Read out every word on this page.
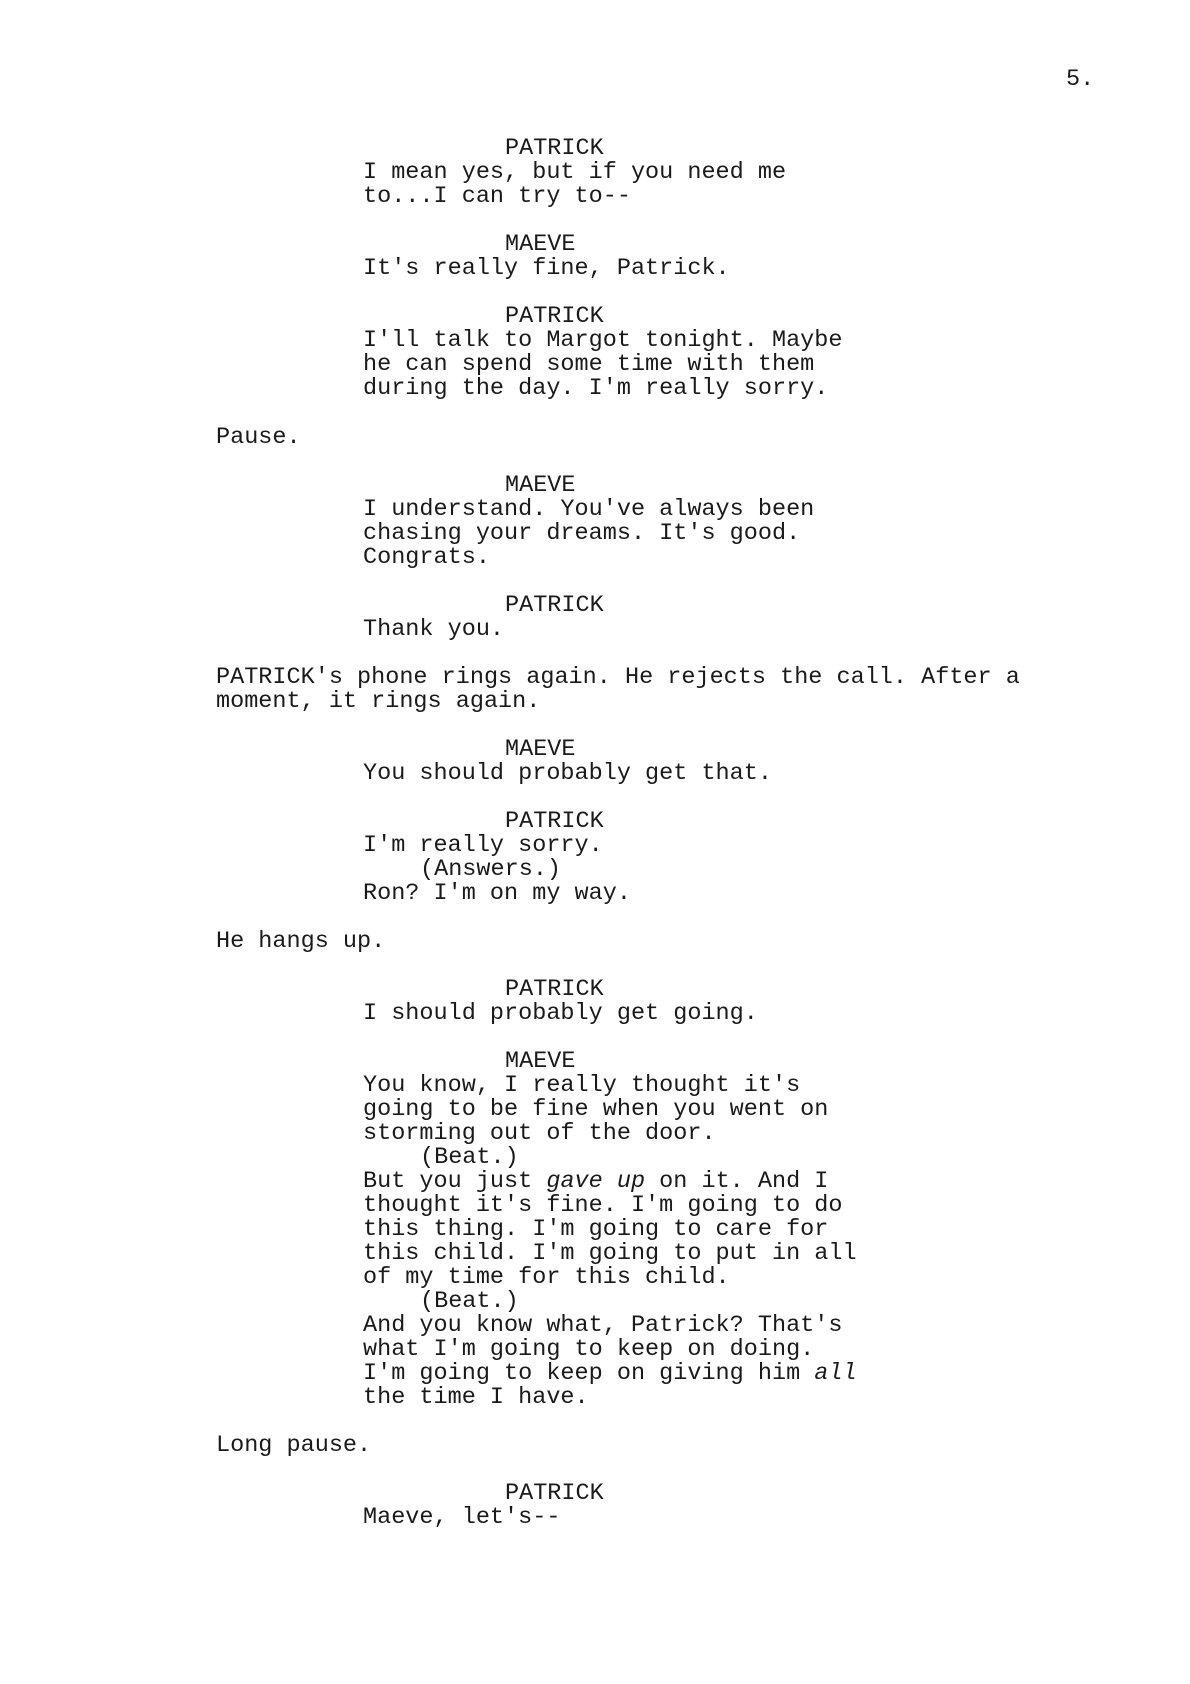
5.
PATRICK
I mean yes, but if you need me
to...I can try to--
MAEVE
It's really fine, Patrick.
PATRICK
I'll talk to Margot tonight. Maybe
he can spend some time with them
during the day. I'm really sorry.
Pause.
MAEVE
I understand. You've always been
chasing your dreams. It's good.
Congrats.
PATRICK
Thank you.
PATRICK's phone rings again. He rejects the call. After a
moment, it rings again.
MAEVE
You should probably get that.
PATRICK
I'm really sorry.
(Answers.)
Ron? I'm on my way.
He hangs up.
PATRICK
I should probably get going.
MAEVE
You know, I really thought it's
going to be fine when you went on
storming out of the door.
(Beat.)
But you just gave up on it. And I
thought it's fine. I'm going to do
this thing. I'm going to care for
this child. I'm going to put in all
of my time for this child.
(Beat.)
And you know what, Patrick? That's
what I'm going to keep on doing.
I'm going to keep on giving him all
the time I have.
Long pause.
PATRICK
Maeve, let's--
